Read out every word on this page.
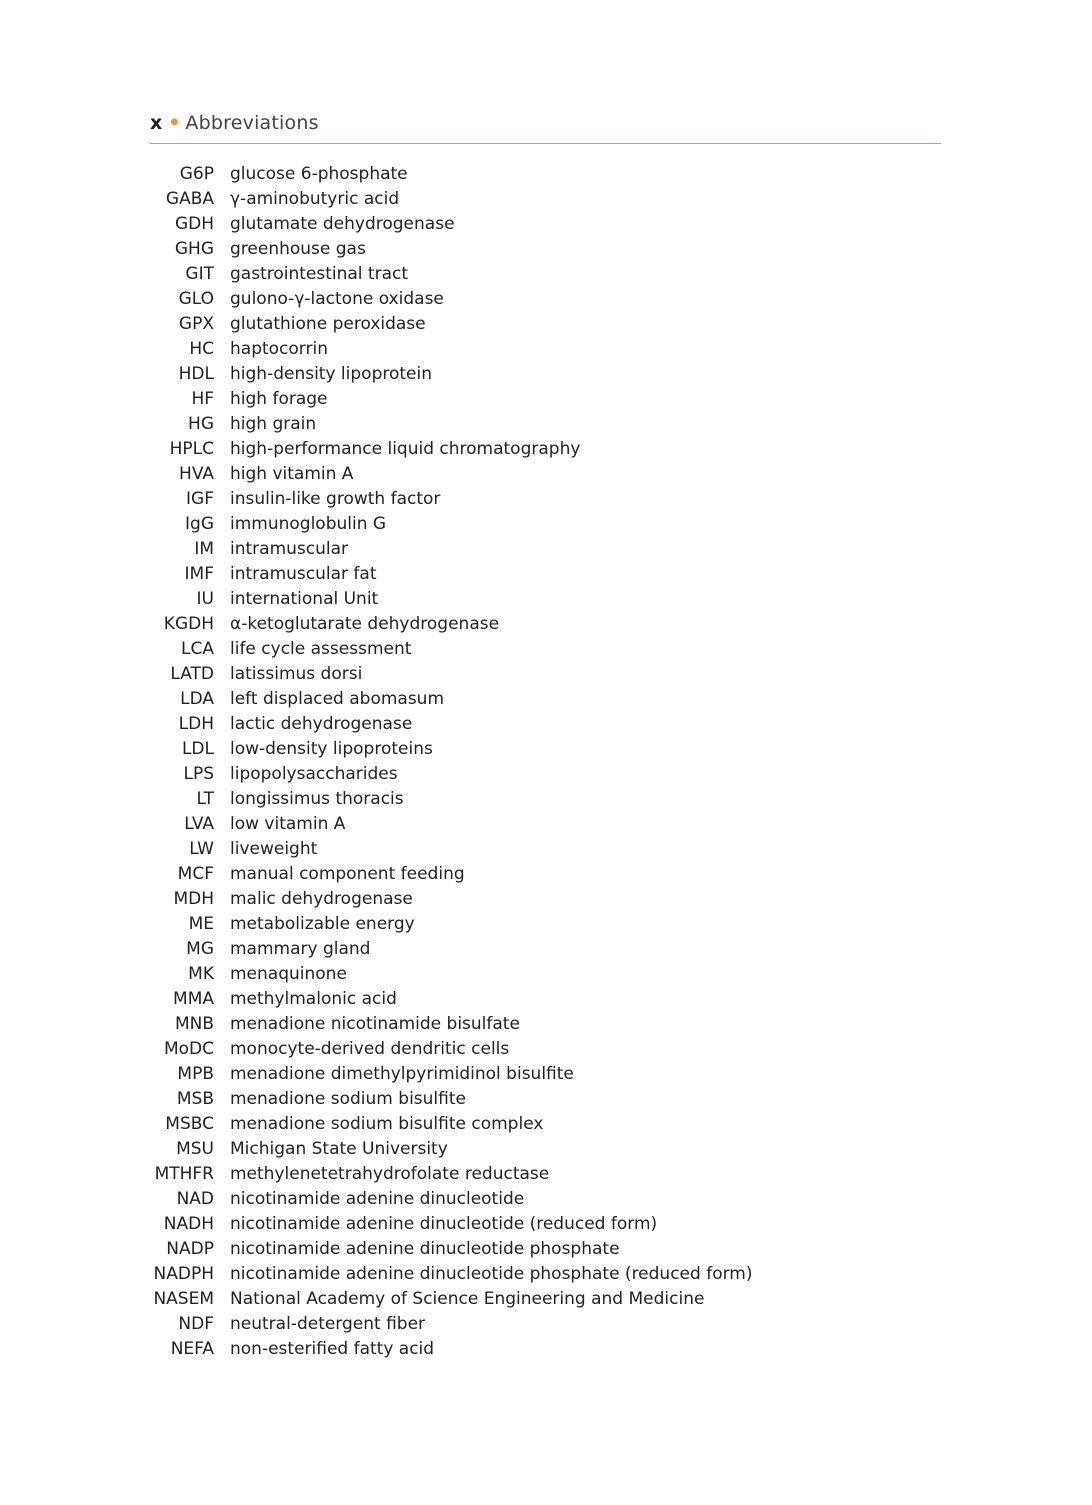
x • Abbreviations
G6P glucose 6-phosphate
GABA γ-aminobutyric acid
GDH glutamate dehydrogenase
GHG greenhouse gas
GIT gastrointestinal tract
GLO gulono-γ-lactone oxidase
GPX glutathione peroxidase
HC haptocorrin
HDL high-density lipoprotein
HF high forage
HG high grain
HPLC high-performance liquid chromatography
HVA high vitamin A
IGF insulin-like growth factor
IgG immunoglobulin G
IM intramuscular
IMF intramuscular fat
IU international Unit
KGDH α-ketoglutarate dehydrogenase
LCA life cycle assessment
LATD latissimus dorsi
LDA left displaced abomasum
LDH lactic dehydrogenase
LDL low-density lipoproteins
LPS lipopolysaccharides
LT longissimus thoracis
LVA low vitamin A
LW liveweight
MCF manual component feeding
MDH malic dehydrogenase
ME metabolizable energy
MG mammary gland
MK menaquinone
MMA methylmalonic acid
MNB menadione nicotinamide bisulfate
MoDC monocyte-derived dendritic cells
MPB menadione dimethylpyrimidinol bisulfite
MSB menadione sodium bisulfite
MSBC menadione sodium bisulfite complex
MSU Michigan State University
MTHFR methylenetetrahydrofolate reductase
NAD nicotinamide adenine dinucleotide
NADH nicotinamide adenine dinucleotide (reduced form)
NADP nicotinamide adenine dinucleotide phosphate
NADPH nicotinamide adenine dinucleotide phosphate (reduced form)
NASEM National Academy of Science Engineering and Medicine
NDF neutral-detergent fiber
NEFA non-esterified fatty acid
